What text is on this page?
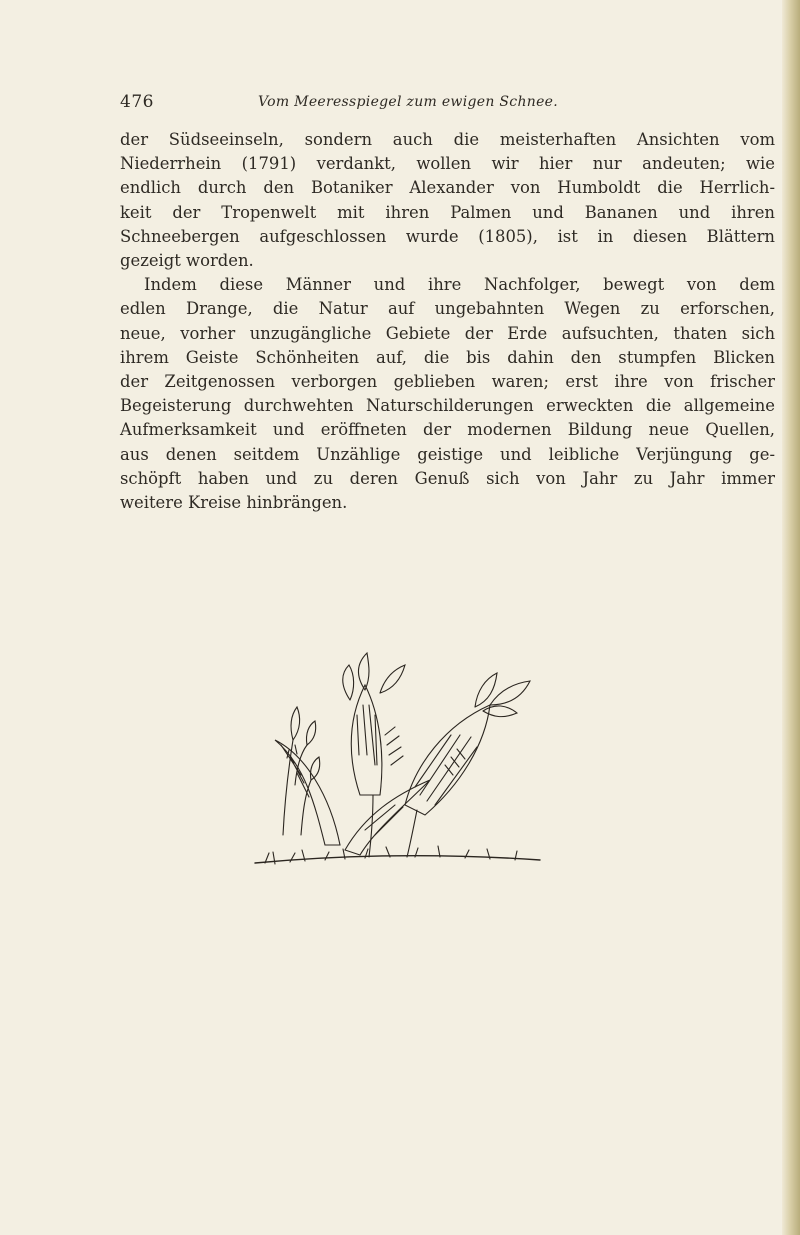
476	Vom Meeresspiegel zum ewigen Schnee.

der Südseeinseln, sondern auch die meisterhaften Ansichten vom
Niederrhein (1791) verdankt, wollen wir hier nur andeuten; wie
endlich durch den Botaniker Alexander von Humboldt die Herrlich-
keit der Tropenwelt mit ihren Palmen und Bananen und ihren
Schneebergen aufgeschlossen wurde (1805), ist in diesen Blättern
gezeigt worden.

Indem diese Männer und ihre Nachfolger, bewegt von dem
edlen Drange, die Natur auf ungebahnten Wegen zu erforschen,
neue, vorher unzugängliche Gebiete der Erde aufsuchten, thaten sich
ihrem Geiste Schönheiten auf, die bis dahin den stumpfen Blicken
der Zeitgenossen verborgen geblieben waren; erst ihre von frischer
Begeisterung durchwehten Naturschilderungen erweckten die allgemeine
Aufmerksamkeit und eröffneten der modernen Bildung neue Quellen,
aus denen seitdem Unzählige geistige und leibliche Verjüngung ge-
schöpft haben und zu deren Genuß sich von Jahr zu Jahr immer
weitere Kreise hinbrängen.
